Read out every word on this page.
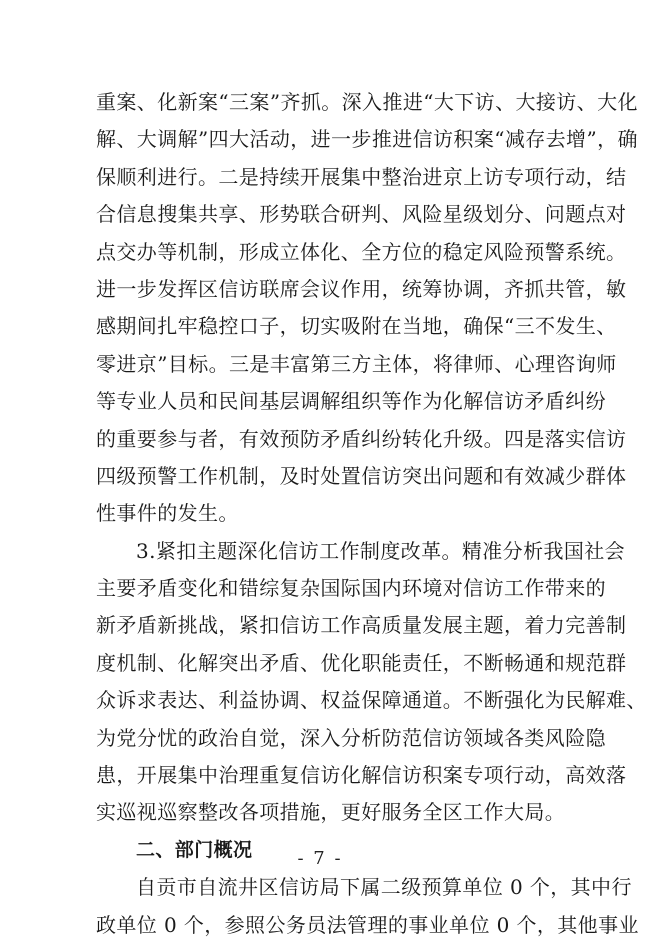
重案、化新案“三案”齐抓。深入推进“大下访、大接访、大化
解、大调解”四大活动，进一步推进信访积案“减存去增”，确
保顺利进行。二是持续开展集中整治进京上访专项行动，结
合信息搜集共享、形势联合研判、风险星级划分、问题点对
点交办等机制，形成立体化、全方位的稳定风险预警系统。
进一步发挥区信访联席会议作用，统筹协调，齐抓共管，敏
感期间扎牢稳控口子，切实吸附在当地，确保“三不发生、
零进京”目标。三是丰富第三方主体，将律师、心理咨询师
等专业人员和民间基层调解组织等作为化解信访矛盾纠纷
的重要参与者，有效预防矛盾纠纷转化升级。四是落实信访
四级预警工作机制，及时处置信访突出问题和有效减少群体
性事件的发生。
3.紧扣主题深化信访工作制度改革。精准分析我国社会
主要矛盾变化和错综复杂国际国内环境对信访工作带来的
新矛盾新挑战，紧扣信访工作高质量发展主题，着力完善制
度机制、化解突出矛盾、优化职能责任，不断畅通和规范群
众诉求表达、利益协调、权益保障通道。不断强化为民解难、
为党分忧的政治自觉，深入分析防范信访领域各类风险隐
患，开展集中治理重复信访化解信访积案专项行动，高效落
实巡视巡察整改各项措施，更好服务全区工作大局。
二、部门概况
自贡市自流井区信访局下属二级预算单位 0 个，其中行
政单位 0 个，参照公务员法管理的事业单位 0 个，其他事业
- 7 -
